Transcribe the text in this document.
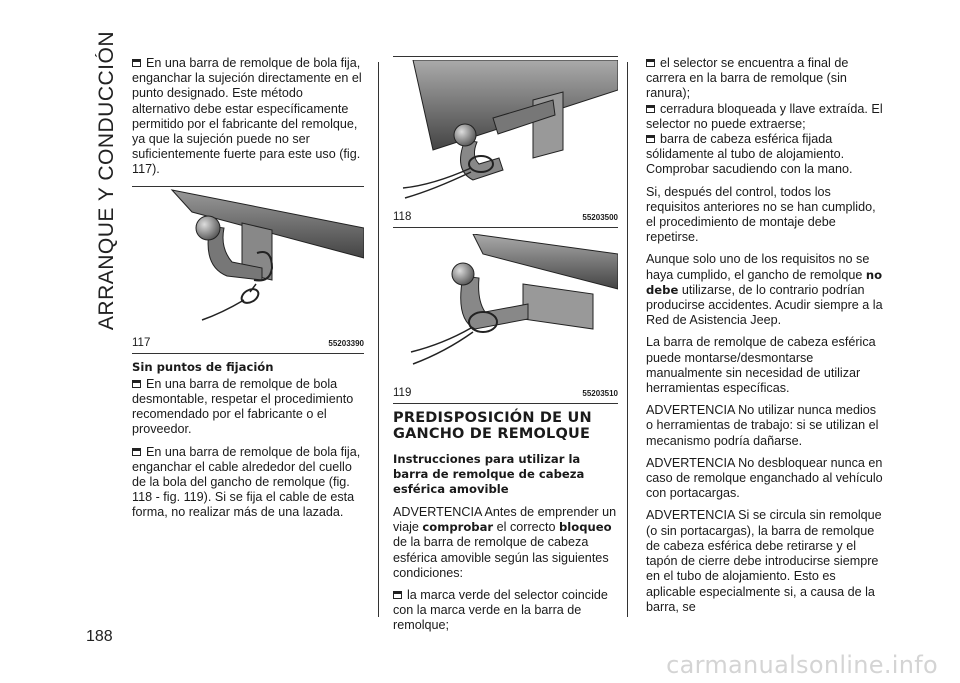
ARRANQUE Y CONDUCCIÓN
188
carmanualsonline.info

En una barra de remolque de bola fija, enganchar la sujeción directamente en el punto designado. Este método alternativo debe estar específicamente permitido por el fabricante del remolque, ya que la sujeción puede no ser suficientemente fuerte para este uso (fig. 117).

117	55203390
Sin puntos de fijación

En una barra de remolque de bola desmontable, respetar el procedimiento recomendado por el fabricante o el proveedor.

En una barra de remolque de bola fija, enganchar el cable alrededor del cuello de la bola del gancho de remolque (fig. 118 - fig. 119). Si se fija el cable de esta forma, no realizar más de una lazada.

118	55203500
119	55203510
PREDISPOSICIÓN DE UN GANCHO DE REMOLQUE
Instrucciones para utilizar la barra de remolque de cabeza esférica amovible

ADVERTENCIA Antes de emprender un viaje comprobar el correcto bloqueo de la barra de remolque de cabeza esférica amovible según las siguientes condiciones:

la marca verde del selector coincide con la marca verde en la barra de remolque;

el selector se encuentra a final de carrera en la barra de remolque (sin ranura);

cerradura bloqueada y llave extraída. El selector no puede extraerse;

barra de cabeza esférica fijada sólidamente al tubo de alojamiento. Comprobar sacudiendo con la mano.

Si, después del control, todos los requisitos anteriores no se han cumplido, el procedimiento de montaje debe repetirse.

Aunque solo uno de los requisitos no se haya cumplido, el gancho de remolque no debe utilizarse, de lo contrario podrían producirse accidentes. Acudir siempre a la Red de Asistencia Jeep.

La barra de remolque de cabeza esférica puede montarse/desmontarse manualmente sin necesidad de utilizar herramientas específicas.

ADVERTENCIA No utilizar nunca medios o herramientas de trabajo: si se utilizan el mecanismo podría dañarse.

ADVERTENCIA No desbloquear nunca en caso de remolque enganchado al vehículo con portacargas.

ADVERTENCIA Si se circula sin remolque (o sin portacargas), la barra de remolque de cabeza esférica debe retirarse y el tapón de cierre debe introducirse siempre en el tubo de alojamiento. Esto es aplicable especialmente si, a causa de la barra, se
